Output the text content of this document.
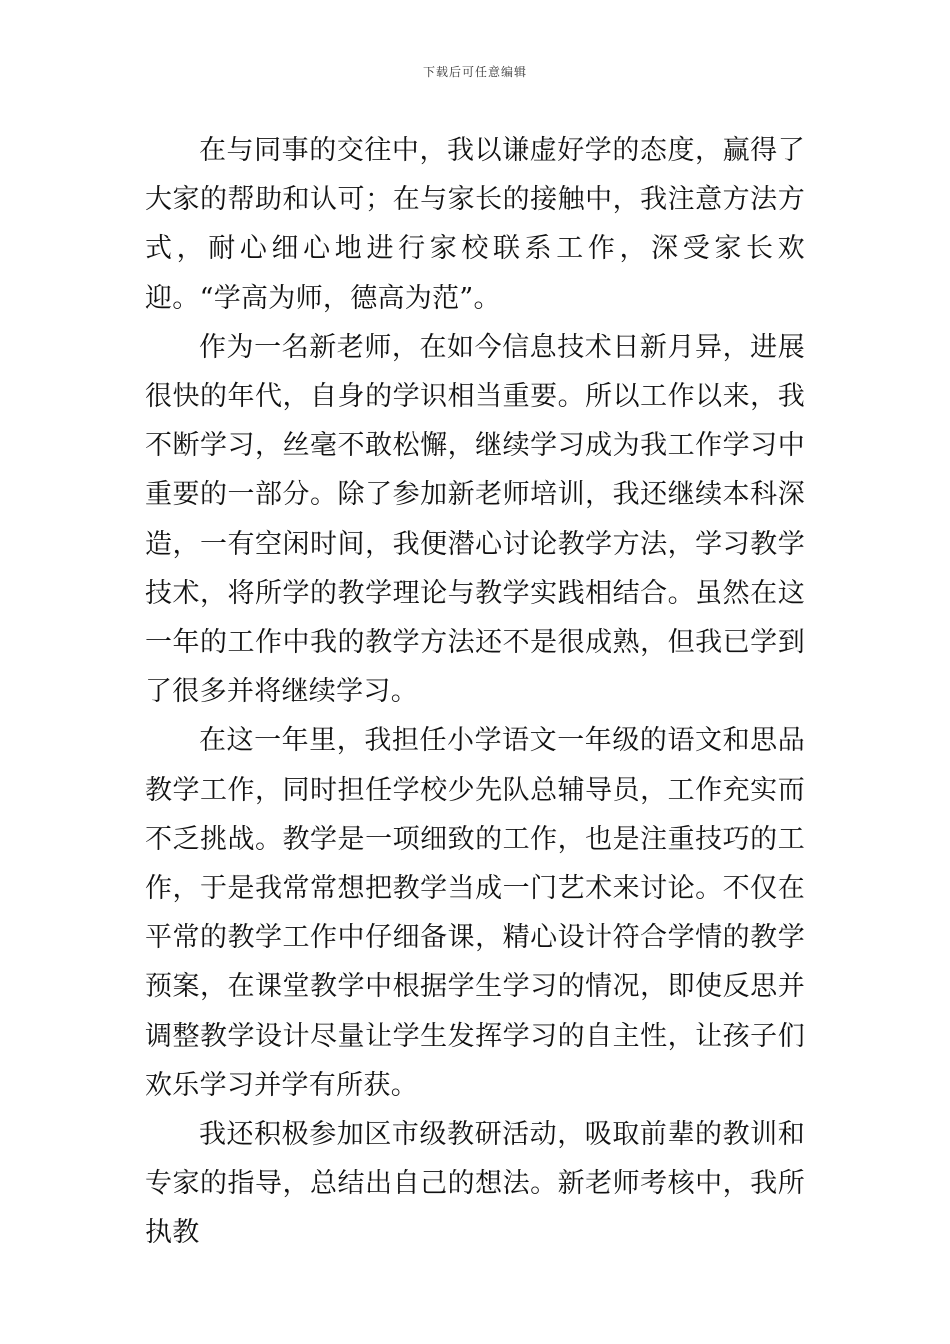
下载后可任意编辑

在与同事的交往中，我以谦虚好学的态度，赢得了大家的帮助和认可；在与家长的接触中，我注意方法方式，耐心细心地进行家校联系工作，深受家长欢迎。“学高为师，德高为范”。

作为一名新老师，在如今信息技术日新月异，进展很快的年代，自身的学识相当重要。所以工作以来，我不断学习，丝毫不敢松懈，继续学习成为我工作学习中重要的一部分。除了参加新老师培训，我还继续本科深造，一有空闲时间，我便潜心讨论教学方法，学习教学技术，将所学的教学理论与教学实践相结合。虽然在这一年的工作中我的教学方法还不是很成熟，但我已学到了很多并将继续学习。

在这一年里，我担任小学语文一年级的语文和思品教学工作，同时担任学校少先队总辅导员，工作充实而不乏挑战。教学是一项细致的工作，也是注重技巧的工作，于是我常常想把教学当成一门艺术来讨论。不仅在平常的教学工作中仔细备课，精心设计符合学情的教学预案，在课堂教学中根据学生学习的情况，即使反思并调整教学设计尽量让学生发挥学习的自主性，让孩子们欢乐学习并学有所获。

我还积极参加区市级教研活动，吸取前辈的教训和专家的指导，总结出自己的想法。新老师考核中，我所执教
